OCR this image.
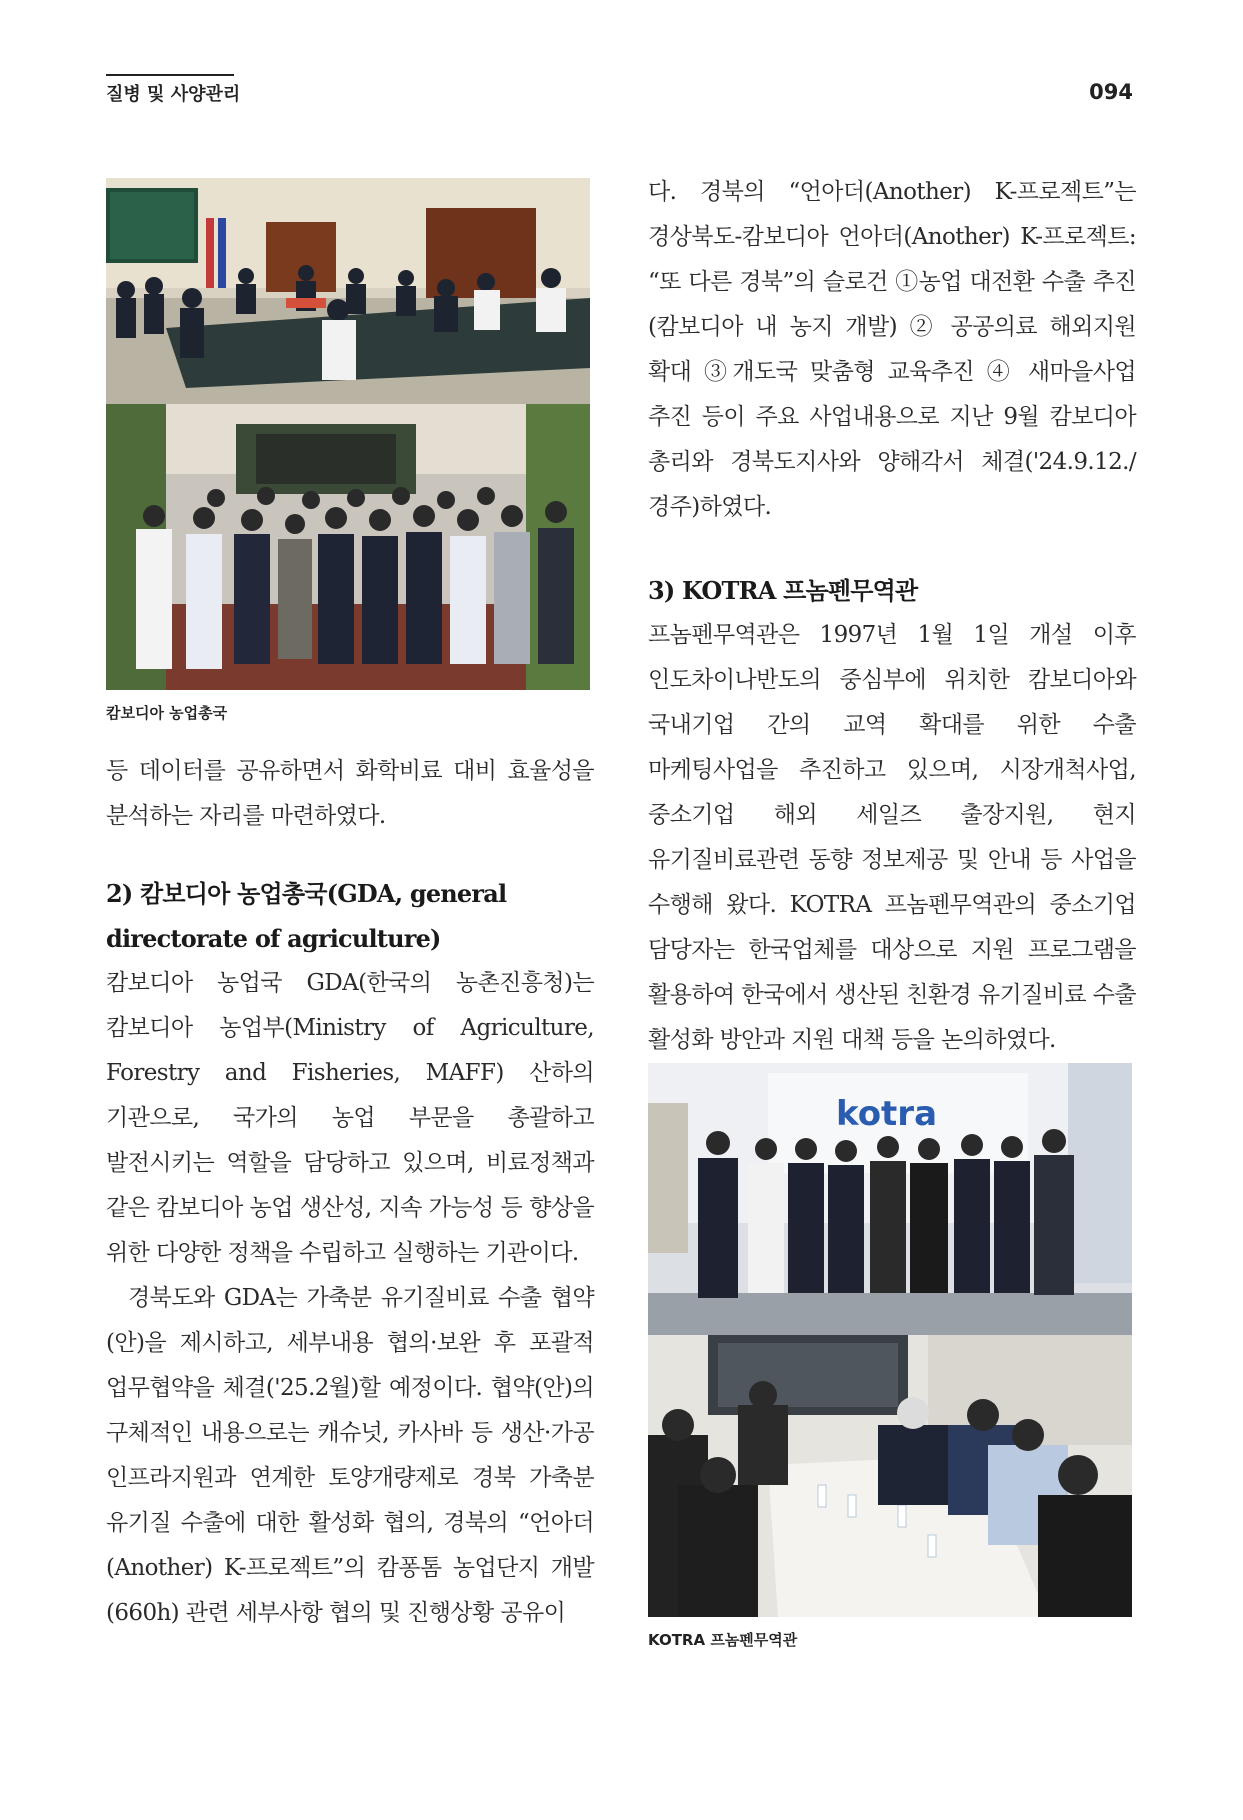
질병 및 사양관리	094
캄보디아 농업총국

등 데이터를 공유하면서 화학비료 대비 효율성을 분석하는 자리를 마련하였다.

2) 캄보디아 농업총국(GDA, general directorate of agriculture)

캄보디아 농업국 GDA(한국의 농촌진흥청)는 캄보디아 농업부(Ministry of Agriculture, Forestry and Fisheries, MAFF) 산하의 기관으로, 국가의 농업 부문을 총괄하고 발전시키는 역할을 담당하고 있으며, 비료정책과 같은 캄보디아 농업 생산성, 지속 가능성 등 향상을 위한 다양한 정책을 수립하고 실행하는 기관이다.

경북도와 GDA는 가축분 유기질비료 수출 협약(안)을 제시하고, 세부내용 협의·보완 후 포괄적 업무협약을 체결('25.2월)할 예정이다. 협약(안)의 구체적인 내용으로는 캐슈넛, 카사바 등 생산·가공 인프라지원과 연계한 토양개량제로 경북 가축분 유기질 수출에 대한 활성화 협의, 경북의 “언아더(Another) K-프로젝트”의 캄퐁톰 농업단지 개발(660h) 관련 세부사항 협의 및 진행상황 공유이

다. 경북의 “언아더(Another) K-프로젝트”는 경상북도-캄보디아 언아더(Another) K-프로젝트: “또 다른 경북”의 슬로건 ①농업 대전환 수출 추진(캄보디아 내 농지 개발) ② 공공의료 해외지원 확대 ③개도국 맞춤형 교육추진 ④ 새마을사업 추진 등이 주요 사업내용으로 지난 9월 캄보디아 총리와 경북도지사와 양해각서 체결('24.9.12./경주)하였다.

3) KOTRA 프놈펜무역관

프놈펜무역관은 1997년 1월 1일 개설 이후 인도차이나반도의 중심부에 위치한 캄보디아와 국내기업 간의 교역 확대를 위한 수출 마케팅사업을 추진하고 있으며, 시장개척사업, 중소기업 해외 세일즈 출장지원, 현지 유기질비료관련 동향 정보제공 및 안내 등 사업을 수행해 왔다. KOTRA 프놈펜무역관의 중소기업 담당자는 한국업체를 대상으로 지원 프로그램을 활용하여 한국에서 생산된 친환경 유기질비료 수출 활성화 방안과 지원 대책 등을 논의하였다.

kotra
KOTRA 프놈펜무역관
